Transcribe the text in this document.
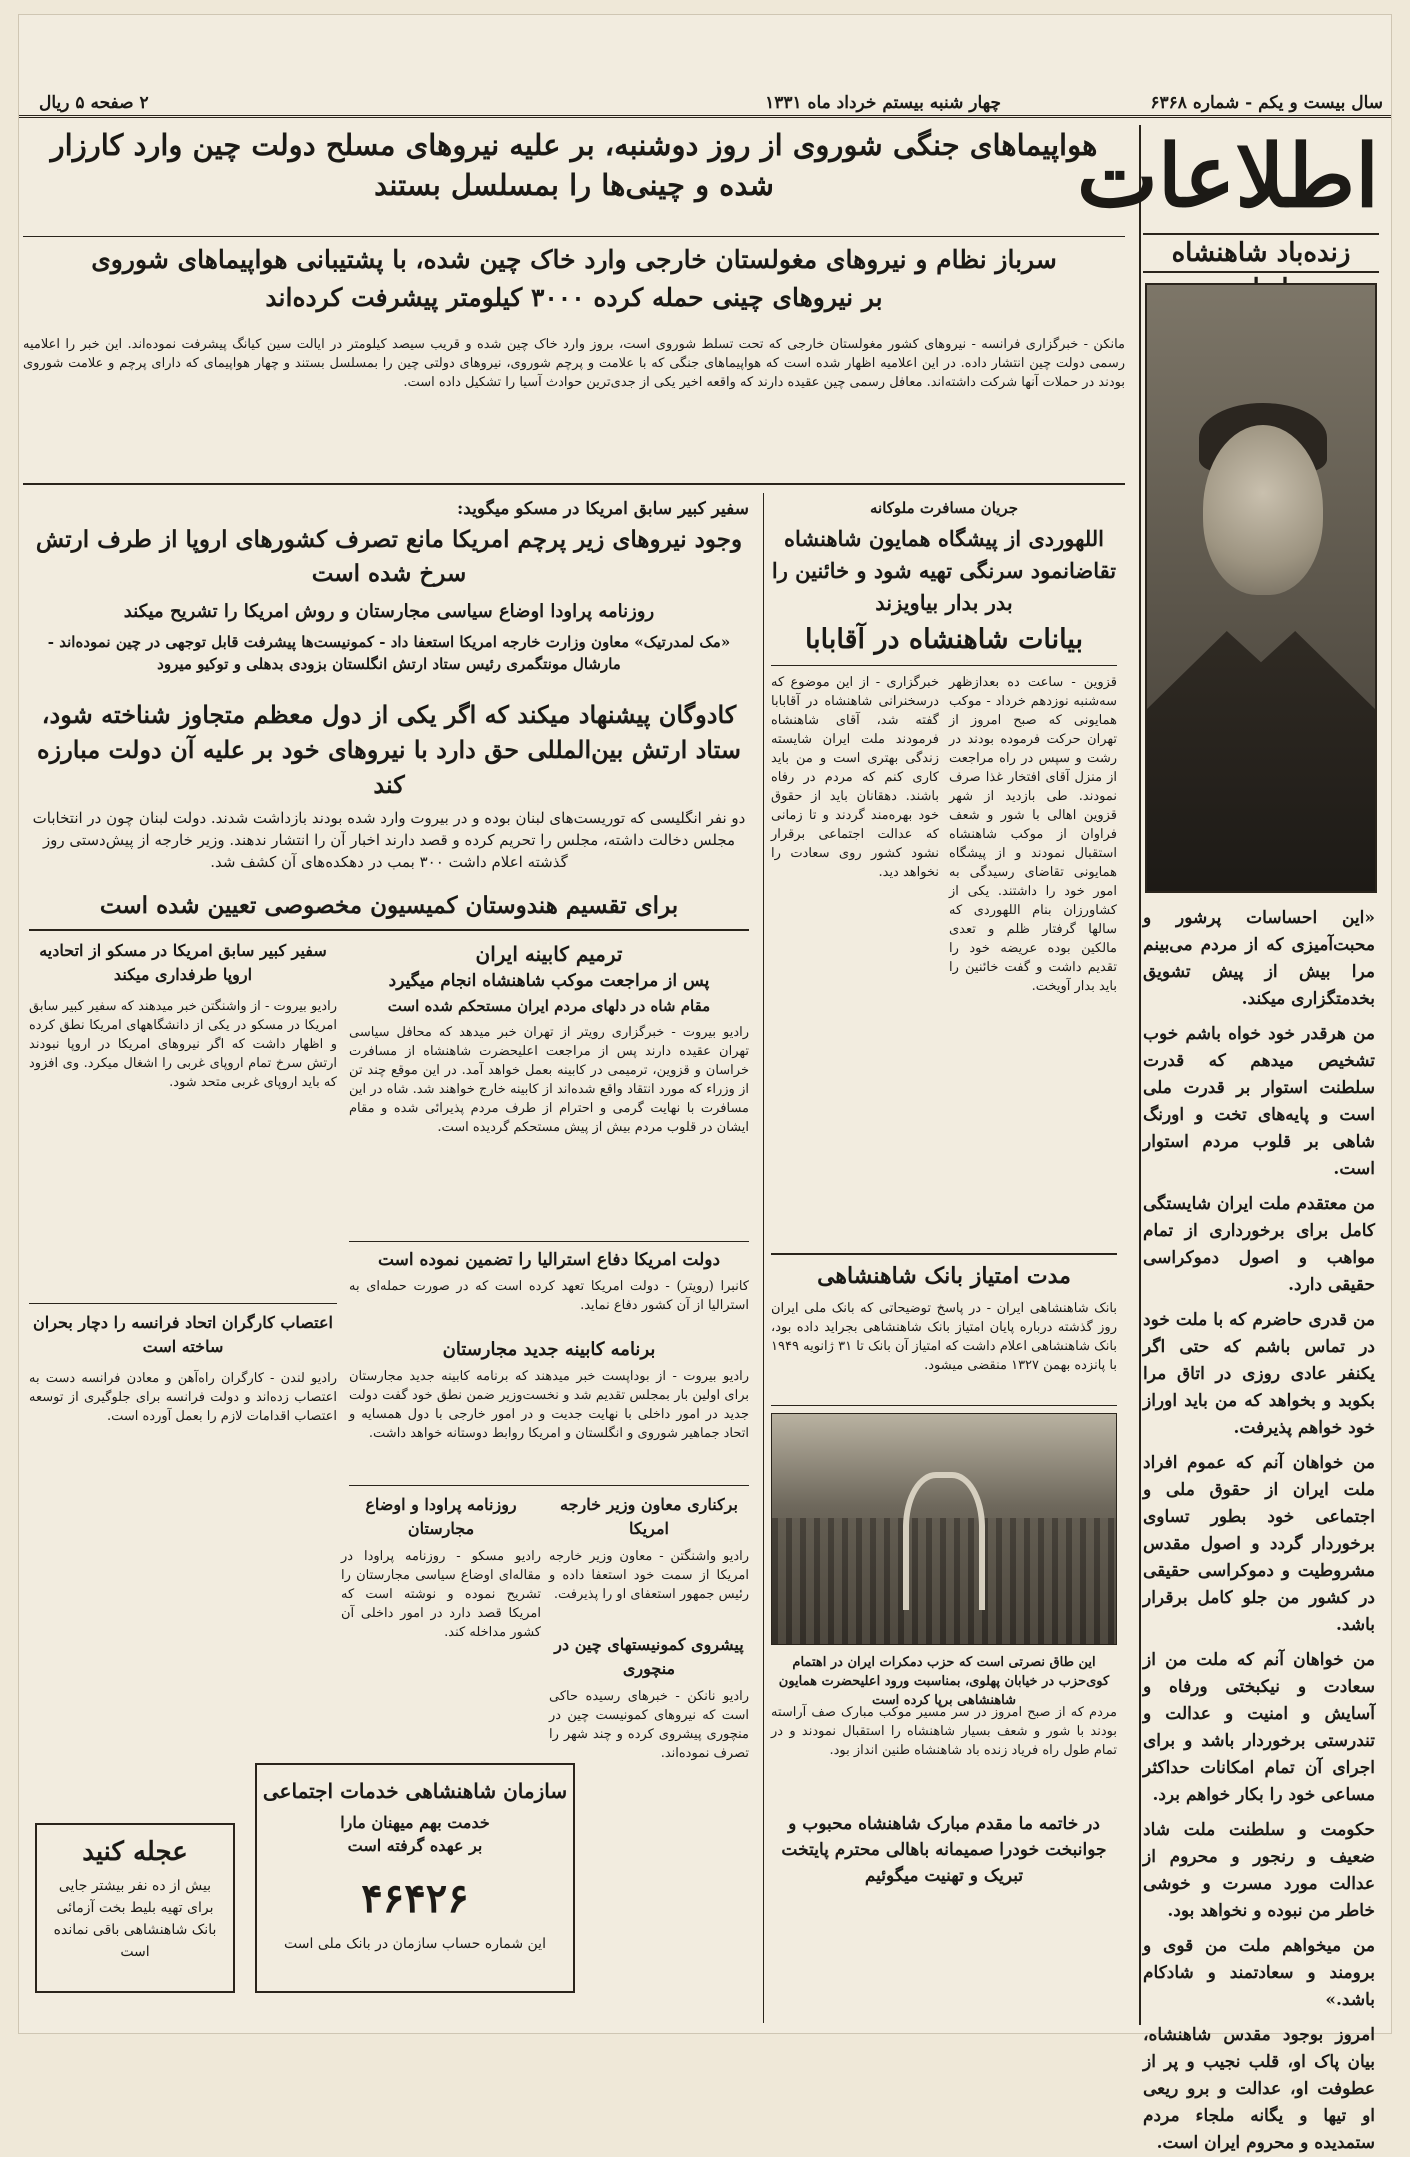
سال بیست و یکم - شماره ۶۳۶۸
چهار شنبه بیستم خرداد ماه ۱۳۳۱
۲ صفحه ۵ ریال
اطلاعات
زنده‌باد شاهنشاه

«این احساسات پرشور و محبت‌آمیزی که از مردم می‌بینم مرا بیش از پیش تشویق بخدمتگزاری میکند.

من هرقدر خود خواه باشم خوب تشخیص میدهم که قدرت سلطنت استوار بر قدرت ملی است و پایه‌های تخت و اورنگ شاهی بر قلوب مردم استوار است.

من معتقدم ملت ایران شایستگی کامل برای برخورداری از تمام مواهب و اصول دموکراسی حقیقی دارد.

من قدری حاضرم که با ملت خود در تماس باشم که حتی اگر یکنفر عادی روزی در اتاق مرا بکوبد و بخواهد که من باید اوراز خود خواهم پذیرفت.

من خواهان آنم که عموم افراد ملت ایران از حقوق ملی و اجتماعی خود بطور تساوی برخوردار گردد و اصول مقدس مشروطیت و دموکراسی حقیقی در کشور من جلو کامل برقرار باشد.

من خواهان آنم که ملت من از سعادت و نیکبختی ورفاه و آسایش و امنیت و عدالت و تندرستی برخوردار باشد و برای اجرای آن تمام امکانات حداکثر مساعی خود را بکار خواهم برد.

حکومت و سلطنت ملت شاد ضعیف و رنجور و محروم از عدالت مورد مسرت و خوشی خاطر من نبوده و نخواهد بود.

من میخواهم ملت من قوی و برومند و سعادتمند و شادکام باشد.»

امروز بوجود مقدس شاهنشاه، بیان پاک او، قلب نجیب و پر از عطوفت او، عدالت و برو ریعی او تیها و یگانه ملجاء مردم ستمدیده و محروم ایران است.

هواپیماهای جنگی شوروی از روز دوشنبه، بر علیه نیروهای مسلح دولت چین وارد کارزار
شده و چینی‌ها را بمسلسل بستند
سرباز نظام و نیروهای مغولستان خارجی وارد خاک چین شده، با پشتیبانی هواپیماهای شوروی
بر نیروهای چینی حمله کرده ۳۰۰۰ کیلومتر پیشرفت کرده‌اند
مانکن - خبرگزاری فرانسه - نیروهای کشور مغولستان خارجی که تحت تسلط شوروی است، بروز وارد خاک چین شده و قریب سیصد کیلومتر در ایالت سین کیانگ پیشرفت نموده‌اند. این خبر را اعلامیه رسمی دولت چین انتشار داده. در این اعلامیه اظهار شده است که هواپیماهای جنگی که با علامت و پرچم شوروی، نیروهای دولتی چین را بمسلسل بستند و چهار هواپیمای که دارای پرچم و علامت شوروی بودند در حملات آنها شرکت داشته‌اند. معافل رسمی چین عقیده دارند که واقعه اخیر یکی از جدی‌ترین حوادث آسیا را تشکیل داده است.
جریان مسافرت ملوکانه
اللهوردی از پیشگاه همایون شاهنشاه تقاضانمود سرنگی تهیه شود و خائنین را بدر بدار بیاویزند
بیانات شاهنشاه در آقابابا
قزوین - ساعت ده بعدازظهر سه‌شنبه نوزدهم خرداد - موکب همایونی که صبح امروز از تهران حرکت فرموده بودند در رشت و سپس در راه مراجعت از منزل آقای افتخار غذا صرف نمودند. طی بازدید از شهر قزوین اهالی با شور و شعف فراوان از موکب شاهنشاه استقبال نمودند و از پیشگاه همایونی تقاضای رسیدگی به امور خود را داشتند. یکی از کشاورزان بنام اللهوردی که سالها گرفتار ظلم و تعدی مالکین بوده عریضه خود را تقدیم داشت و گفت خائنین را باید بدار آویخت.
خبرگزاری - از این موضوع که درسخنرانی شاهنشاه در آقابابا گفته شد، آقای شاهنشاه فرمودند ملت ایران شایسته زندگی بهتری است و من باید کاری کنم که مردم در رفاه باشند. دهقانان باید از حقوق خود بهره‌مند گردند و تا زمانی که عدالت اجتماعی برقرار نشود کشور روی سعادت را نخواهد دید.
مدت امتیاز بانک شاهنشاهی
بانک شاهنشاهی ایران - در پاسخ توضیحاتی که بانک ملی ایران روز گذشته درباره پایان امتیاز بانک شاهنشاهی بجراید داده بود، بانک شاهنشاهی اعلام داشت که امتیاز آن بانک تا ۳۱ ژانویه ۱۹۴۹ با پانزده بهمن ۱۳۲۷ منقضی میشود.
این طاق نصرتی است که حزب دمکرات ایران در اهتمام کوی‌حزب در خیابان پهلوی، بمناسبت ورود اعلیحضرت همایون شاهنشاهی برپا کرده است
مردم که از صبح امروز در سر مسیر موکب مبارک صف آراسته بودند با شور و شعف بسیار شاهنشاه را استقبال نمودند و در تمام طول راه فریاد زنده باد شاهنشاه طنین انداز بود.
در خاتمه ما مقدم مبارک شاهنشاه محبوب و جوانبخت خودرا صمیمانه باهالی محترم پایتخت تبریک و تهنیت میگوئیم
سفیر کبیر سابق امریکا در مسکو میگوید:
وجود نیروهای زیر پرچم امریکا مانع تصرف کشورهای اروپا از طرف ارتش سرخ شده است
روزنامه پراودا اوضاع سیاسی مجارستان و روش امریکا را تشریح میکند
«مک لمدرتیک» معاون وزارت خارجه امریکا استعفا داد - کمونیست‌ها پیشرفت قابل توجهی در چین نموده‌اند - مارشال مونتگمری رئیس ستاد ارتش انگلستان بزودی بدهلی و توکیو میرود
کادوگان پیشنهاد میکند که اگر یکی از دول معظم متجاوز شناخته شود، ستاد ارتش بین‌المللی حق دارد با نیروهای خود بر علیه آن دولت مبارزه کند
دو نفر انگلیسی که توریست‌های لبنان بوده و در بیروت وارد شده بودند بازداشت شدند. دولت لبنان چون در انتخابات مجلس دخالت داشته، مجلس را تحریم کرده و قصد دارند اخبار آن را انتشار ندهند. وزیر خارجه از پیش‌دستی روز گذشته اعلام داشت ۳۰۰ بمب در دهکده‌های آن کشف شد.
برای تقسیم هندوستان کمیسیون مخصوصی تعیین شده است
ترمیم کابینه ایران
پس از مراجعت موکب شاهنشاه انجام میگیرد
مقام شاه در دلهای مردم ایران مستحکم شده است
رادیو بیروت - خبرگزاری رویتر از تهران خبر میدهد که محافل سیاسی تهران عقیده دارند پس از مراجعت اعلیحضرت شاهنشاه از مسافرت خراسان و قزوین، ترمیمی در کابینه بعمل خواهد آمد. در این موقع چند تن از وزراء که مورد انتقاد واقع شده‌اند از کابینه خارج خواهند شد. شاه در این مسافرت با نهایت گرمی و احترام از طرف مردم پذیرائی شده و مقام ایشان در قلوب مردم بیش از پیش مستحکم گردیده است.
دولت امریکا دفاع استرالیا را تضمین نموده است
کانبرا (رویتر) - دولت امریکا تعهد کرده است که در صورت حمله‌ای به استرالیا از آن کشور دفاع نماید.
برنامه کابینه جدید مجارستان
رادیو بیروت - از بوداپست خبر میدهند که برنامه کابینه جدید مجارستان برای اولین بار بمجلس تقدیم شد و نخست‌وزیر ضمن نطق خود گفت دولت جدید در امور داخلی با نهایت جدیت و در امور خارجی با دول همسایه و اتحاد جماهیر شوروی و انگلستان و امریکا روابط دوستانه خواهد داشت.
سفیر کبیر سابق امریکا در مسکو از اتحادیه اروپا طرفداری میکند
رادیو بیروت - از واشنگتن خبر میدهند که سفیر کبیر سابق امریکا در مسکو در یکی از دانشگاههای امریکا نطق کرده و اظهار داشت که اگر نیروهای امریکا در اروپا نبودند ارتش سرخ تمام اروپای غربی را اشغال میکرد. وی افزود که باید اروپای غربی متحد شود.
اعتصاب کارگران اتحاد فرانسه را دچار بحران ساخته است
رادیو لندن - کارگران راه‌آهن و معادن فرانسه دست به اعتصاب زده‌اند و دولت فرانسه برای جلوگیری از توسعه اعتصاب اقدامات لازم را بعمل آورده است.
برکناری معاون وزیر خارجه امریکا
رادیو واشنگتن - معاون وزیر خارجه امریکا از سمت خود استعفا داده و رئیس جمهور استعفای او را پذیرفت.
پیشروی کمونیستهای چین در منچوری
رادیو نانکن - خبرهای رسیده حاکی است که نیروهای کمونیست چین در منچوری پیشروی کرده و چند شهر را تصرف نموده‌اند.
روزنامه پراودا و اوضاع مجارستان
رادیو مسکو - روزنامه پراودا در مقاله‌ای اوضاع سیاسی مجارستان را تشریح نموده و نوشته است که امریکا قصد دارد در امور داخلی آن کشور مداخله کند.
عجله کنید
بیش از ده نفر بیشتر جایی برای تهیه بلیط بخت آزمائی بانک شاهنشاهی باقی نمانده است
سازمان شاهنشاهی خدمات اجتماعی
خدمت بهم میهنان مارا
بر عهده گرفته است
۴۶۴۲۶
این شماره حساب سازمان در بانک ملی است
